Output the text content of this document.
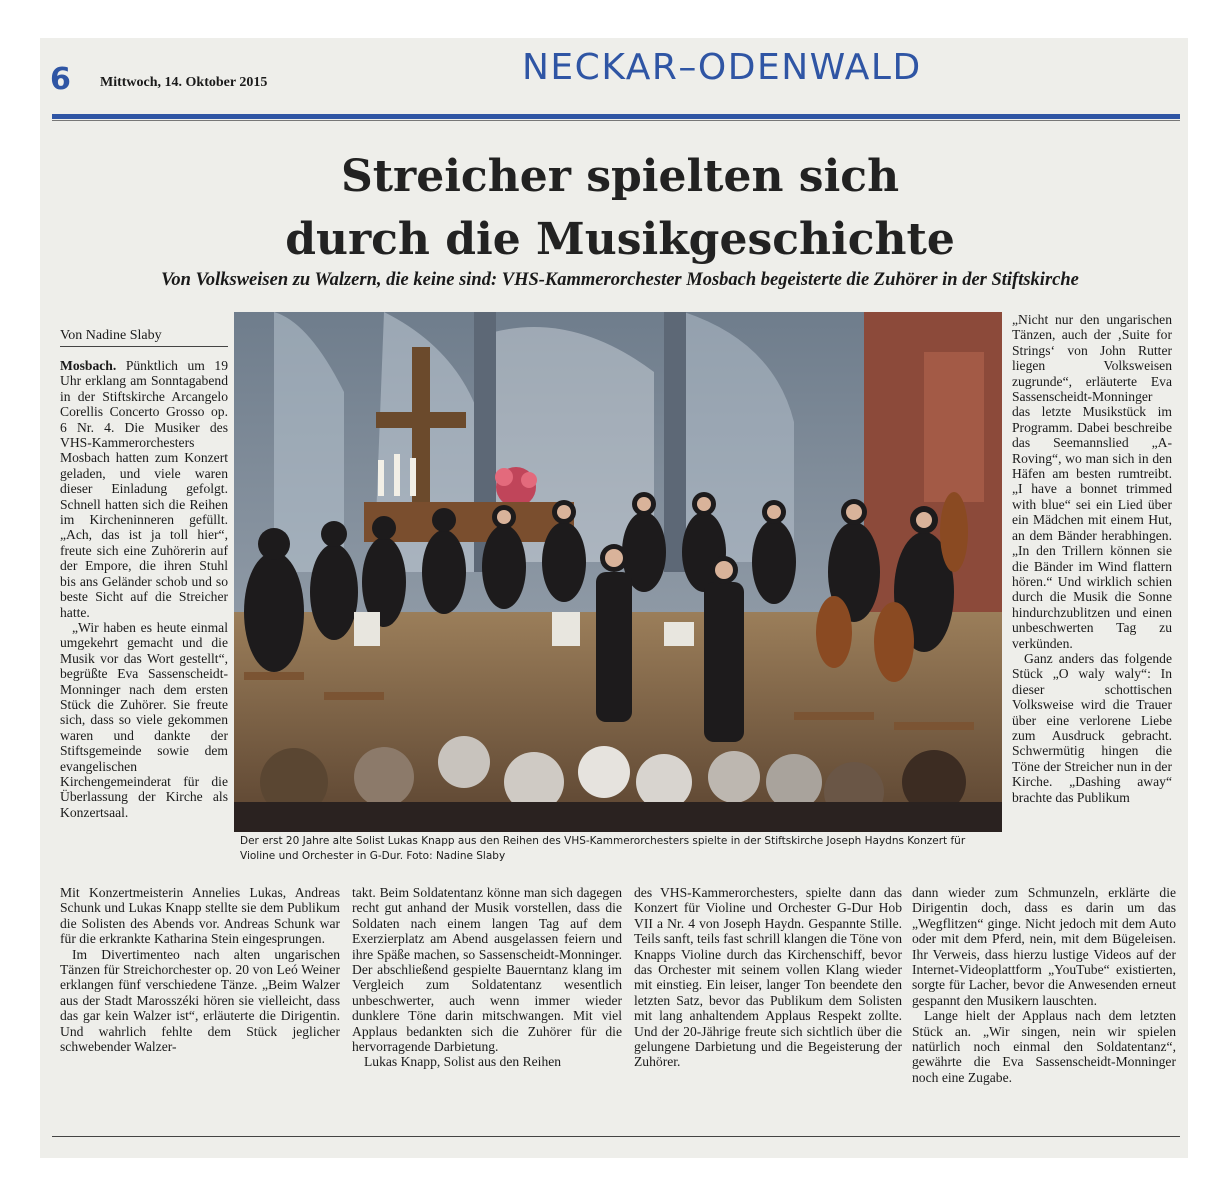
6 Mittwoch, 14. Oktober 2015	NECKAR–ODENWALD
Streicher spielten sich
durch die Musikgeschichte
Von Volksweisen zu Walzern, die keine sind: VHS-Kammerorchester Mosbach begeisterte die Zuhörer in der Stiftskirche
Von Nadine Slaby

Mosbach. Pünktlich um 19 Uhr erklang am Sonntagabend in der Stiftskirche Arcangelo Corellis Concerto Grosso op. 6 Nr. 4. Die Musiker des VHS-Kammerorchesters Mosbach hatten zum Konzert geladen, und viele waren dieser Einladung gefolgt. Schnell hatten sich die Reihen im Kircheninneren gefüllt. „Ach, das ist ja toll hier“, freute sich eine Zuhörerin auf der Empore, die ihren Stuhl bis ans Geländer schob und so beste Sicht auf die Streicher hatte.

„Wir haben es heute einmal umgekehrt gemacht und die Musik vor das Wort gestellt“, begrüßte Eva Sassenscheidt-Monninger nach dem ersten Stück die Zuhörer. Sie freute sich, dass so viele gekommen waren und dankte der Stiftsgemeinde sowie dem evangelischen Kirchengemeinderat für die Überlassung der Kirche als Konzertsaal.

Der erst 20 Jahre alte Solist Lukas Knapp aus den Reihen des VHS-Kammerorchesters spielte in der Stiftskirche Joseph Haydns Konzert für Violine und Orchester in G-Dur. Foto: Nadine Slaby

„Nicht nur den ungarischen Tänzen, auch der ‚Suite for Strings‘ von John Rutter liegen Volksweisen zugrunde“, erläuterte Eva Sassenscheidt-Monninger das letzte Musikstück im Programm. Dabei beschreibe das Seemannslied „A-Roving“, wo man sich in den Häfen am besten rumtreibt. „I have a bonnet trimmed with blue“ sei ein Lied über ein Mädchen mit einem Hut, an dem Bänder herabhingen. „In den Trillern können sie die Bänder im Wind flattern hören.“ Und wirklich schien durch die Musik die Sonne hindurchzublitzen und einen unbeschwerten Tag zu verkünden.

Ganz anders das folgende Stück „O waly waly“: In dieser schottischen Volksweise wird die Trauer über eine verlorene Liebe zum Ausdruck gebracht. Schwermütig hingen die Töne der Streicher nun in der Kirche. „Dashing away“ brachte das Publikum

Mit Konzertmeisterin Annelies Lukas, Andreas Schunk und Lukas Knapp stellte sie dem Publikum die Solisten des Abends vor. Andreas Schunk war für die erkrankte Katharina Stein eingesprungen.

Im Divertimenteo nach alten ungarischen Tänzen für Streichorchester op. 20 von Leó Weiner erklangen fünf verschiedene Tänze. „Beim Walzer aus der Stadt Marosszéki hören sie vielleicht, dass das gar kein Walzer ist“, erläuterte die Dirigentin. Und wahrlich fehlte dem Stück jeglicher schwebender Walzer-

takt. Beim Soldatentanz könne man sich dagegen recht gut anhand der Musik vorstellen, dass die Soldaten nach einem langen Tag auf dem Exerzierplatz am Abend ausgelassen feiern und ihre Späße machen, so Sassenscheidt-Monninger. Der abschließend gespielte Bauerntanz klang im Vergleich zum Soldatentanz wesentlich unbeschwerter, auch wenn immer wieder dunklere Töne darin mitschwangen. Mit viel Applaus bedankten sich die Zuhörer für die hervorragende Darbietung.

Lukas Knapp, Solist aus den Reihen

des VHS-Kammerorchesters, spielte dann das Konzert für Violine und Orchester G-Dur Hob VII a Nr. 4 von Joseph Haydn. Gespannte Stille. Teils sanft, teils fast schrill klangen die Töne von Knapps Violine durch das Kirchenschiff, bevor das Orchester mit seinem vollen Klang wieder mit einstieg. Ein leiser, langer Ton beendete den letzten Satz, bevor das Publikum dem Solisten mit lang anhaltendem Applaus Respekt zollte. Und der 20-Jährige freute sich sichtlich über die gelungene Darbietung und die Begeisterung der Zuhörer.

dann wieder zum Schmunzeln, erklärte die Dirigentin doch, dass es darin um das „Wegflitzen“ ginge. Nicht jedoch mit dem Auto oder mit dem Pferd, nein, mit dem Bügeleisen. Ihr Verweis, dass hierzu lustige Videos auf der Internet-Videoplattform „YouTube“ existierten, sorgte für Lacher, bevor die Anwesenden erneut gespannt den Musikern lauschten.

Lange hielt der Applaus nach dem letzten Stück an. „Wir singen, nein wir spielen natürlich noch einmal den Soldatentanz“, gewährte die Eva Sassenscheidt-Monninger noch eine Zugabe.
